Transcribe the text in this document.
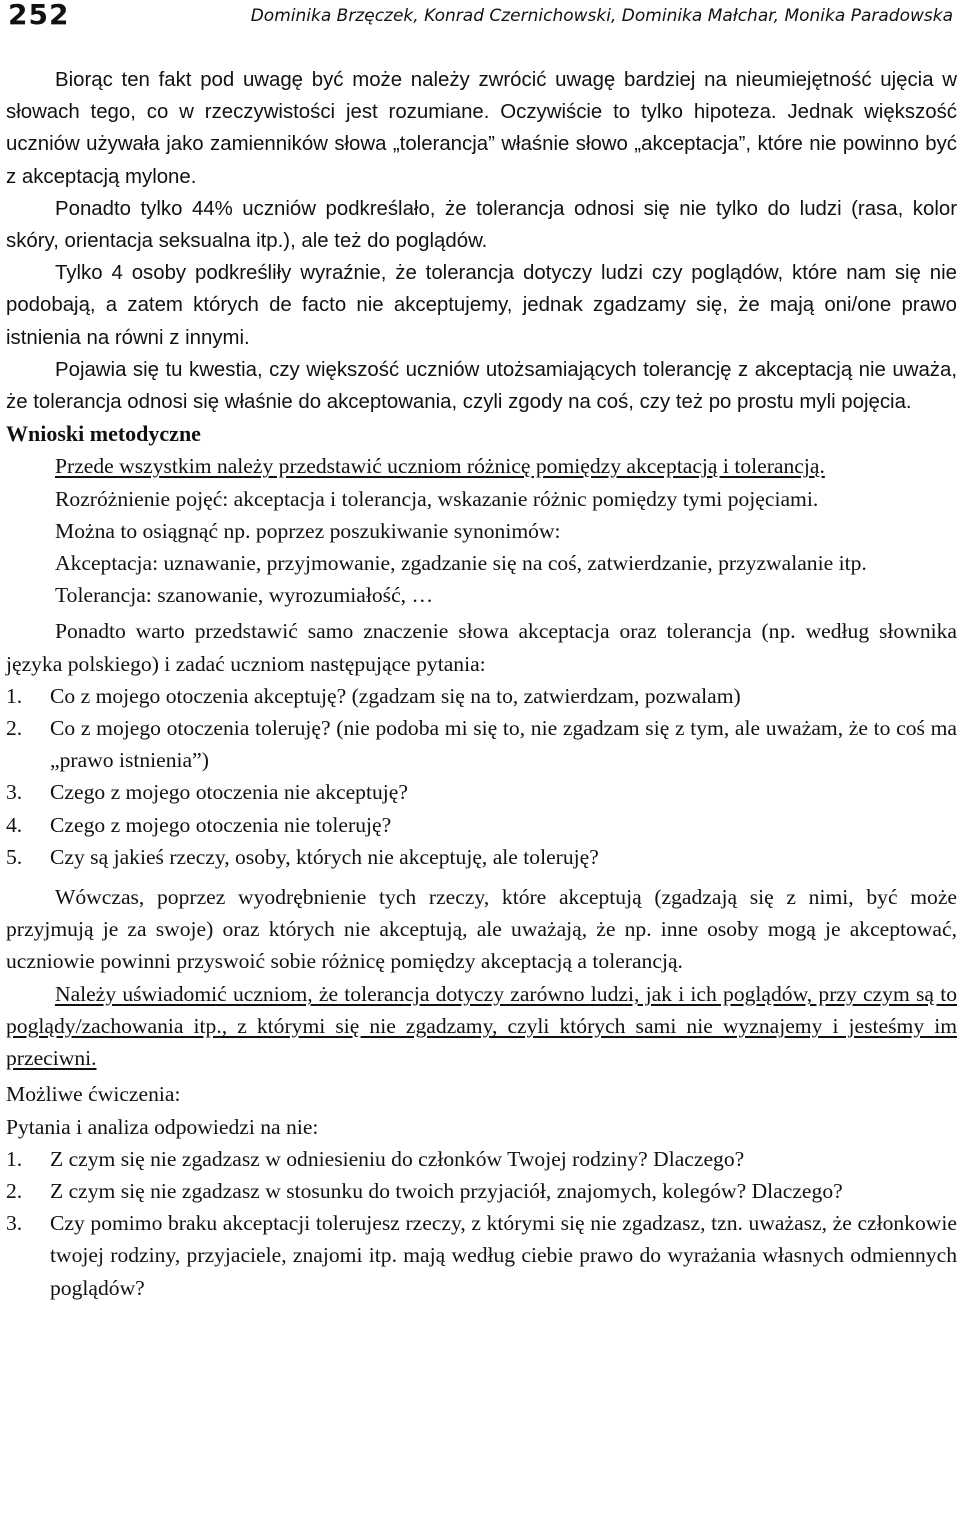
252	Dominika Brzęczek, Konrad Czernichowski, Dominika Małchar, Monika Paradowska

Biorąc ten fakt pod uwagę być może należy zwrócić uwagę bardziej na nieumiejętność ujęcia w słowach tego, co w rzeczywistości jest rozumiane. Oczywiście to tylko hipoteza. Jednak większość uczniów używała jako zamienników słowa „tolerancja” właśnie słowo „akceptacja”, które nie powinno być z akceptacją mylone.

Ponadto tylko 44% uczniów podkreślało, że tolerancja odnosi się nie tylko do ludzi (rasa, kolor skóry, orientacja seksualna itp.), ale też do poglądów.

Tylko 4 osoby podkreśliły wyraźnie, że tolerancja dotyczy ludzi czy poglądów, które nam się nie podobają, a zatem których de facto nie akceptujemy, jednak zgadzamy się, że mają oni/one prawo istnienia na równi z innymi.

Pojawia się tu kwestia, czy większość uczniów utożsamiających tolerancję z akceptacją nie uważa, że tolerancja odnosi się właśnie do akceptowania, czyli zgody na coś, czy też po prostu myli pojęcia.

Wnioski metodyczne

Przede wszystkim należy przedstawić uczniom różnicę pomiędzy akceptacją i tolerancją.

Rozróżnienie pojęć: akceptacja i tolerancja, wskazanie różnic pomiędzy tymi pojęciami.

Można to osiągnąć np. poprzez poszukiwanie synonimów:

Akceptacja: uznawanie, przyjmowanie, zgadzanie się na coś, zatwierdzanie, przyzwalanie itp.

Tolerancja: szanowanie, wyrozumiałość, …

Ponadto warto przedstawić samo znaczenie słowa akceptacja oraz tolerancja (np. według słownika języka polskiego) i zadać uczniom następujące pytania:

1. Co z mojego otoczenia akceptuję? (zgadzam się na to, zatwierdzam, pozwalam)
2. Co z mojego otoczenia toleruję? (nie podoba mi się to, nie zgadzam się z tym, ale uważam, że to coś ma „prawo istnienia”)
3. Czego z mojego otoczenia nie akceptuję?
4. Czego z mojego otoczenia nie toleruję?
5. Czy są jakieś rzeczy, osoby, których nie akceptuję, ale toleruję?

Wówczas, poprzez wyodrębnienie tych rzeczy, które akceptują (zgadzają się z nimi, być może przyjmują je za swoje) oraz których nie akceptują, ale uważają, że np. inne osoby mogą je akceptować, uczniowie powinni przyswoić sobie różnicę pomiędzy akceptacją a tolerancją.

Należy uświadomić uczniom, że tolerancja dotyczy zarówno ludzi, jak i ich poglądów, przy czym są to poglądy/zachowania itp., z którymi się nie zgadzamy, czyli których sami nie wyznajemy i jesteśmy im przeciwni.

Możliwe ćwiczenia:

Pytania i analiza odpowiedzi na nie:

1. Z czym się nie zgadzasz w odniesieniu do członków Twojej rodziny? Dlaczego?
2. Z czym się nie zgadzasz w stosunku do twoich przyjaciół, znajomych, kolegów? Dlaczego?
3. Czy pomimo braku akceptacji tolerujesz rzeczy, z którymi się nie zgadzasz, tzn. uważasz, że członkowie twojej rodziny, przyjaciele, znajomi itp. mają według ciebie prawo do wyrażania własnych odmiennych poglądów?
